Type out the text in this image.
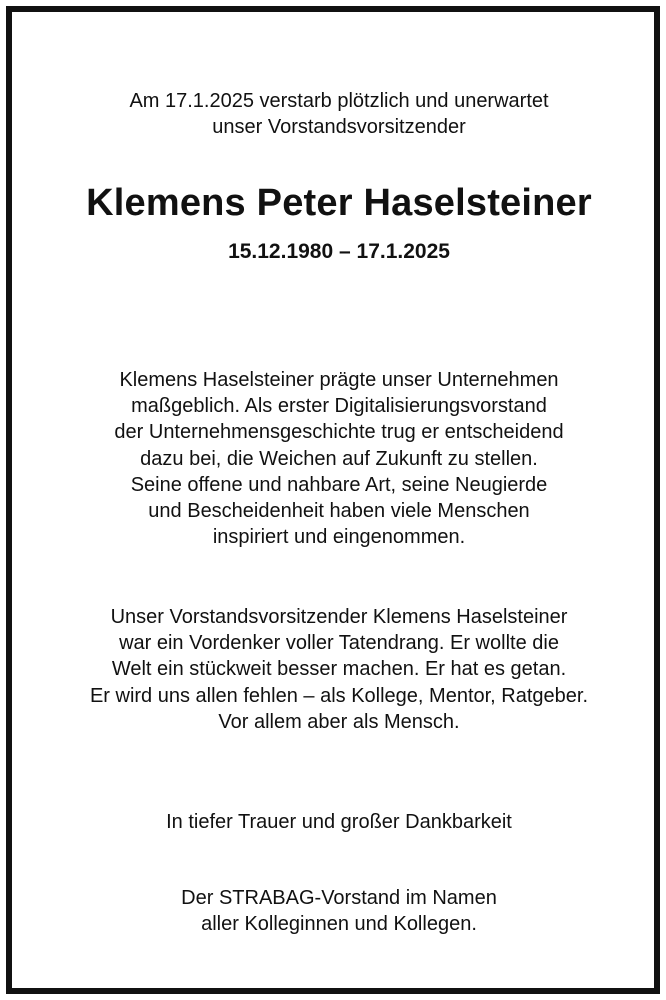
Am 17.1.2025 verstarb plötzlich und unerwartet
unser Vorstandsvorsitzender
Klemens Peter Haselsteiner
15.12.1980 – 17.1.2025
Klemens Haselsteiner prägte unser Unternehmen
maßgeblich. Als erster Digitalisierungsvorstand
der Unternehmensgeschichte trug er entscheidend
dazu bei, die Weichen auf Zukunft zu stellen.
Seine offene und nahbare Art, seine Neugierde
und Bescheidenheit haben viele Menschen
inspiriert und eingenommen.
Unser Vorstandsvorsitzender Klemens Haselsteiner
war ein Vordenker voller Tatendrang. Er wollte die
Welt ein stückweit besser machen. Er hat es getan.
Er wird uns allen fehlen – als Kollege, Mentor, Ratgeber.
Vor allem aber als Mensch.
In tiefer Trauer und großer Dankbarkeit
Der STRABAG-Vorstand im Namen
aller Kolleginnen und Kollegen.
